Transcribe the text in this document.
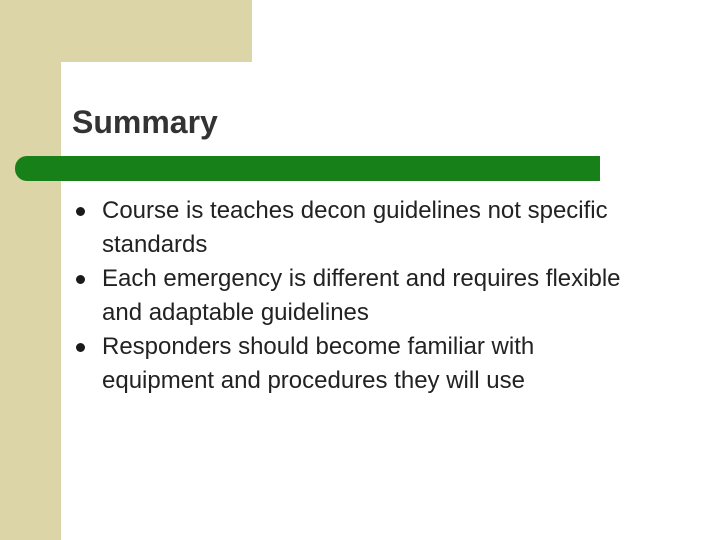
Summary
Course is teaches decon guidelines not specific standards
Each emergency is different and requires flexible and adaptable guidelines
Responders should become familiar with equipment and procedures they will use
